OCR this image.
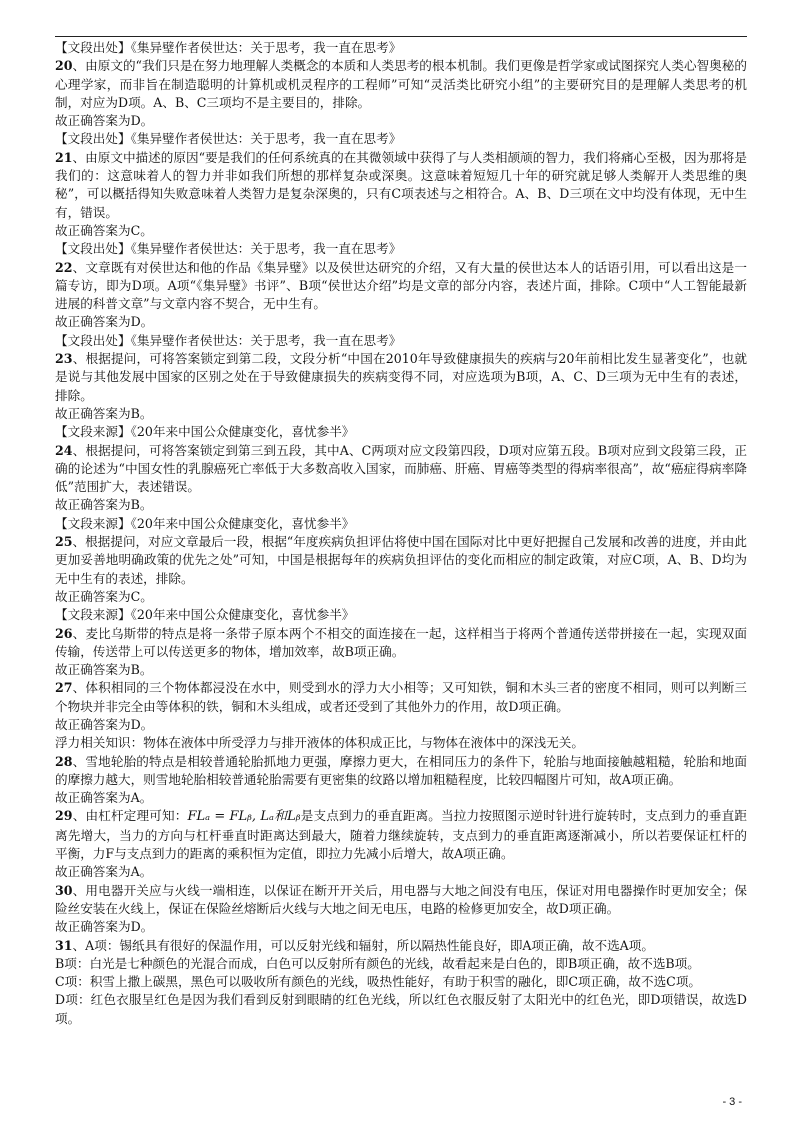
【文段出处】《集异璧作者侯世达：关于思考，我一直在思考》

20、由原文的“我们只是在努力地理解人类概念的本质和人类思考的根本机制。我们更像是哲学家或试图探究人类心智奥秘的心理学家，而非旨在制造聪明的计算机或机灵程序的工程师”可知“灵活类比研究小组”的主要研究目的是理解人类思考的机制，对应为D项。A、B、C三项均不是主要目的，排除。

故正确答案为D。

【文段出处】《集异璧作者侯世达：关于思考，我一直在思考》

21、由原文中描述的原因“要是我们的任何系统真的在其微领域中获得了与人类相颉颃的智力，我们将痛心至极，因为那将是我们的：这意味着人的智力并非如我们所想的那样复杂或深奥。这意味着短短几十年的研究就足够人类解开人类思维的奥秘”，可以概括得知失败意味着人类智力是复杂深奥的，只有C项表述与之相符合。A、B、D三项在文中均没有体现，无中生有，错误。

故正确答案为C。

【文段出处】《集异璧作者侯世达：关于思考，我一直在思考》

22、文章既有对侯世达和他的作品《集异璧》以及侯世达研究的介绍，又有大量的侯世达本人的话语引用，可以看出这是一篇专访，即为D项。A项“《集异璧》书评”、B项“侯世达介绍”均是文章的部分内容，表述片面，排除。C项中“人工智能最新进展的科普文章”与文章内容不契合，无中生有。

故正确答案为D。

【文段出处】《集异璧作者侯世达：关于思考，我一直在思考》

23、根据提问，可将答案锁定到第二段，文段分析“中国在2010年导致健康损失的疾病与20年前相比发生显著变化”，也就是说与其他发展中国家的区别之处在于导致健康损失的疾病变得不同，对应选项为B项，A、C、D三项为无中生有的表述，排除。

故正确答案为B。

【文段来源】《20年来中国公众健康变化，喜忧参半》

24、根据提问，可将答案锁定到第三到五段，其中A、C两项对应文段第四段，D项对应第五段。B项对应到文段第三段，正确的论述为“中国女性的乳腺癌死亡率低于大多数高收入国家，而肺癌、肝癌、胃癌等类型的得病率很高”，故“癌症得病率降低”范围扩大，表述错误。

故正确答案为B。

【文段来源】《20年来中国公众健康变化，喜忧参半》

25、根据提问，对应文章最后一段，根据“年度疾病负担评估将使中国在国际对比中更好把握自己发展和改善的进度，并由此更加妥善地明确政策的优先之处”可知，中国是根据每年的疾病负担评估的变化而相应的制定政策，对应C项，A、B、D均为无中生有的表述，排除。

故正确答案为C。

【文段来源】《20年来中国公众健康变化，喜忧参半》

26、麦比乌斯带的特点是将一条带子原本两个不相交的面连接在一起，这样相当于将两个普通传送带拼接在一起，实现双面传输，传送带上可以传送更多的物体，增加效率，故B项正确。

故正确答案为B。

27、体积相同的三个物体都浸没在水中，则受到水的浮力大小相等；又可知铁，铜和木头三者的密度不相同，则可以判断三个物块并非完全由等体积的铁，铜和木头组成，或者还受到了其他外力的作用，故D项正确。

故正确答案为D。

浮力相关知识：物体在液体中所受浮力与排开液体的体积成正比，与物体在液体中的深浅无关。

28、雪地轮胎的特点是相较普通轮胎抓地力更强，摩擦力更大，在相同压力的条件下，轮胎与地面接触越粗糙，轮胎和地面的摩擦力越大，则雪地轮胎相较普通轮胎需要有更密集的纹路以增加粗糙程度，比较四幅图片可知，故A项正确。

故正确答案为A。

29、由杠杆定理可知：FLₐ = FLᵦ, Lₐ和Lᵦ是支点到力的垂直距离。当拉力按照图示逆时针进行旋转时，支点到力的垂直距离先增大，当力的方向与杠杆垂直时距离达到最大，随着力继续旋转，支点到力的垂直距离逐渐减小，所以若要保证杠杆的平衡，力F与支点到力的距离的乘积恒为定值，即拉力先减小后增大，故A项正确。

故正确答案为A。

30、用电器开关应与火线一端相连，以保证在断开开关后，用电器与大地之间没有电压，保证对用电器操作时更加安全；保险丝安装在火线上，保证在保险丝熔断后火线与大地之间无电压，电路的检修更加安全，故D项正确。

故正确答案为D。

31、A项：锡纸具有很好的保温作用，可以反射光线和辐射，所以隔热性能良好，即A项正确，故不选A项。

B项：白光是七种颜色的光混合而成，白色可以反射所有颜色的光线，故看起来是白色的，即B项正确，故不选B项。

C项：积雪上撒上碳黑，黑色可以吸收所有颜色的光线，吸热性能好，有助于积雪的融化，即C项正确，故不选C项。

D项：红色衣服呈红色是因为我们看到反射到眼睛的红色光线，所以红色衣服反射了太阳光中的红色光，即D项错误，故选D项。

- 3 -
